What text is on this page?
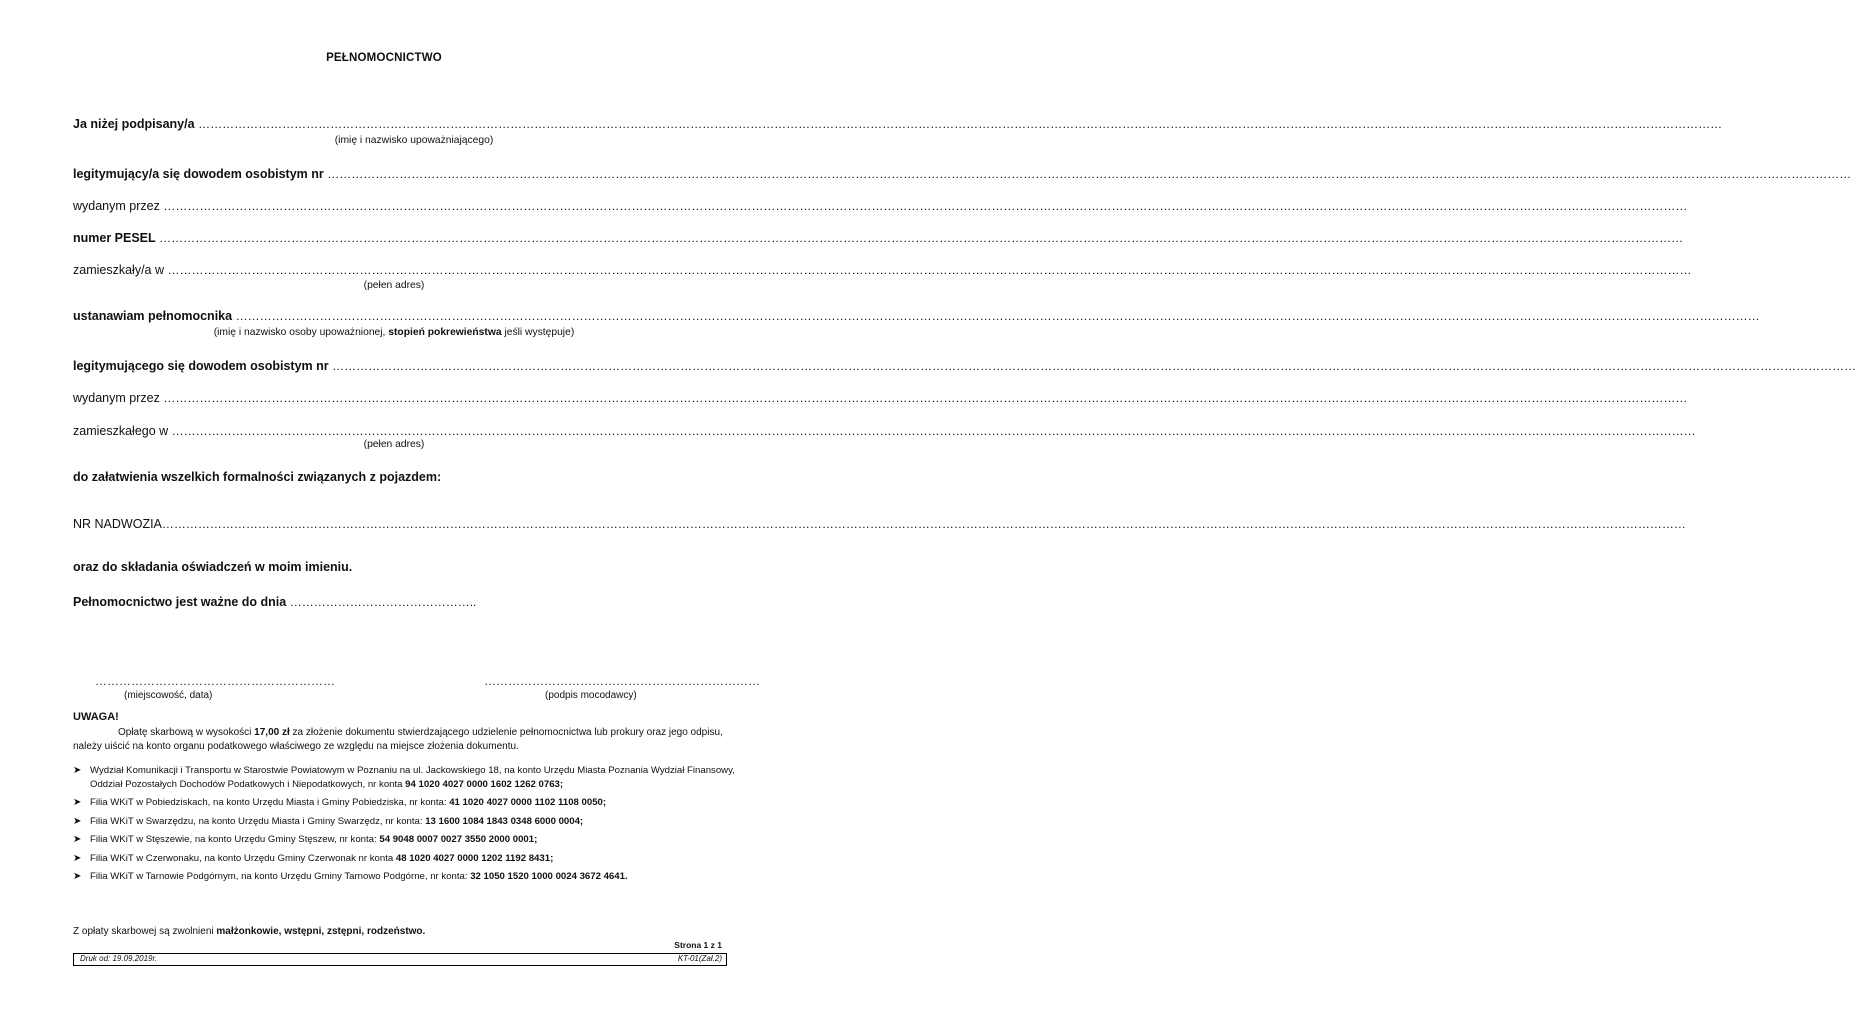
PEŁNOMOCNICTWO
Ja niżej podpisany/a …………………………………………………………………………………………………………………………………………………………………………………………………………………………………………………………………………………………………………………………………………………
(imię i nazwisko upoważniającego)
legitymujący/a się dowodem osobistym nr …………………………………………………………………………………………………………………………………………………………………………………………………………………………………………………………………………………………………………………………………………………
wydanym przez …………………………………………………………………………………………………………………………………………………………………………………………………………………………………………………………………………………………………………………………………………………
numer PESEL …………………………………………………………………………………………………………………………………………………………………………………………………………………………………………………………………………………………………………………………………………………
zamieszkały/a w …………………………………………………………………………………………………………………………………………………………………………………………………………………………………………………………………………………………………………………………………………………
(pełen adres)
ustanawiam pełnomocnika …………………………………………………………………………………………………………………………………………………………………………………………………………………………………………………………………………………………………………………………………………………
(imię i nazwisko osoby upoważnionej, stopień pokrewieństwa jeśli występuje)
legitymującego się dowodem osobistym nr …………………………………………………………………………………………………………………………………………………………………………………………………………………………………………………………………………………………………………………………………………………
wydanym przez …………………………………………………………………………………………………………………………………………………………………………………………………………………………………………………………………………………………………………………………………………………
zamieszkałego w …………………………………………………………………………………………………………………………………………………………………………………………………………………………………………………………………………………………………………………………………………………
(pełen adres)
do załatwienia wszelkich formalności związanych z pojazdem:
NR NADWOZIA…………………………………………………………………………………………………………………………………………………………………………………………………………………………………………………………………………………………………………………………………………………
oraz do składania oświadczeń w moim imieniu.
Pełnomocnictwo jest ważne do dnia ………………………………………..
……………………………………………………
(miejscowość, data)
……………………………………………………………
(podpis mocodawcy)
UWAGA!
Opłatę skarbową w wysokości 17,00 zł za złożenie dokumentu stwierdzającego udzielenie pełnomocnictwa lub prokury oraz jego odpisu, należy uiścić na konto organu podatkowego właściwego ze względu na miejsce złożenia dokumentu.
➤ Wydział Komunikacji i Transportu w Starostwie Powiatowym w Poznaniu na ul. Jackowskiego 18, na konto Urzędu Miasta Poznania Wydział Finansowy, Oddział Pozostałych Dochodów Podatkowych i Niepodatkowych, nr konta 94 1020 4027 0000 1602 1262 0763;
➤ Filia WKiT w Pobiedziskach, na konto Urzędu Miasta i Gminy Pobiedziska, nr konta: 41 1020 4027 0000 1102 1108 0050;
➤ Filia WKiT w Swarzędzu, na konto Urzędu Miasta i Gminy Swarzędz, nr konta: 13 1600 1084 1843 0348 6000 0004;
➤ Filia WKiT w Stęszewie, na konto Urzędu Gminy Stęszew, nr konta: 54 9048 0007 0027 3550 2000 0001;
➤ Filia WKiT w Czerwonaku, na konto Urzędu Gminy Czerwonak nr konta 48 1020 4027 0000 1202 1192 8431;
➤ Filia WKiT w Tarnowie Podgórnym, na konto Urzędu Gminy Tarnowo Podgórne, nr konta: 32 1050 1520 1000 0024 3672 4641.
Z opłaty skarbowej są zwolnieni małżonkowie, wstępni, zstępni, rodzeństwo.
Strona 1 z 1
Druk od: 19.09.2019r.	KT-01(Zał.2)
